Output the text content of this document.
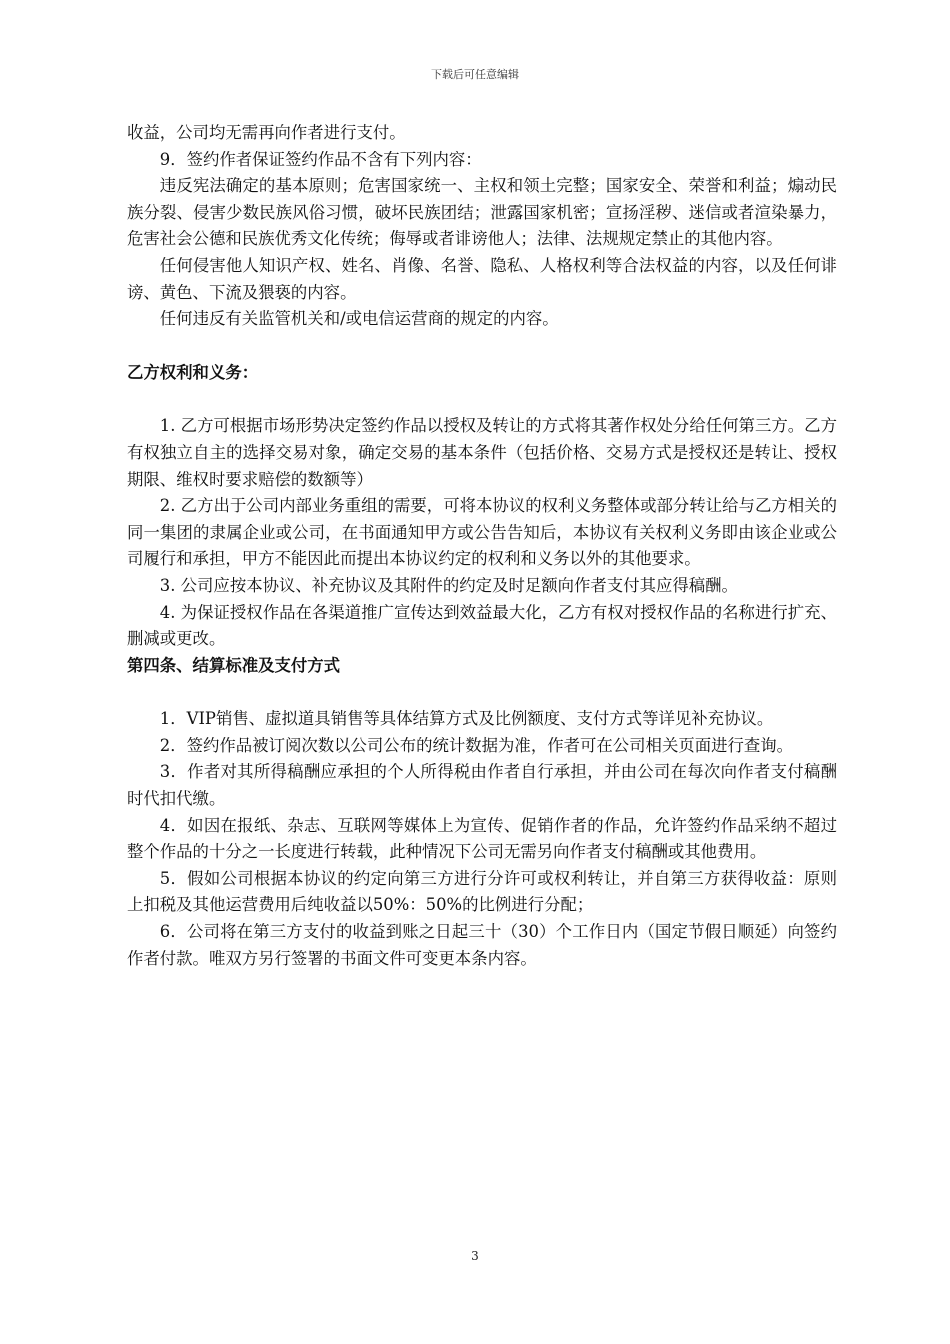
下载后可任意编辑

收益，公司均无需再向作者进行支付。

9．签约作者保证签约作品不含有下列内容：

违反宪法确定的基本原则；危害国家统一、主权和领土完整；国家安全、荣誉和利益；煽动民族分裂、侵害少数民族风俗习惯，破坏民族团结；泄露国家机密；宣扬淫秽、迷信或者渲染暴力，危害社会公德和民族优秀文化传统；侮辱或者诽谤他人；法律、法规规定禁止的其他内容。

任何侵害他人知识产权、姓名、肖像、名誉、隐私、人格权利等合法权益的内容，以及任何诽谤、黄色、下流及猥亵的内容。

任何违反有关监管机关和/或电信运营商的规定的内容。

乙方权利和义务：

1. 乙方可根据市场形势决定签约作品以授权及转让的方式将其著作权处分给任何第三方。乙方有权独立自主的选择交易对象，确定交易的基本条件（包括价格、交易方式是授权还是转让、授权期限、维权时要求赔偿的数额等）

2. 乙方出于公司内部业务重组的需要，可将本协议的权利义务整体或部分转让给与乙方相关的同一集团的隶属企业或公司，在书面通知甲方或公告告知后，本协议有关权利义务即由该企业或公司履行和承担，甲方不能因此而提出本协议约定的权利和义务以外的其他要求。

3. 公司应按本协议、补充协议及其附件的约定及时足额向作者支付其应得稿酬。

4. 为保证授权作品在各渠道推广宣传达到效益最大化，乙方有权对授权作品的名称进行扩充、删减或更改。

第四条、结算标准及支付方式

1．VIP销售、虚拟道具销售等具体结算方式及比例额度、支付方式等详见补充协议。

2．签约作品被订阅次数以公司公布的统计数据为准，作者可在公司相关页面进行查询。

3．作者对其所得稿酬应承担的个人所得税由作者自行承担，并由公司在每次向作者支付稿酬时代扣代缴。

4．如因在报纸、杂志、互联网等媒体上为宣传、促销作者的作品，允许签约作品采纳不超过整个作品的十分之一长度进行转载，此种情况下公司无需另向作者支付稿酬或其他费用。

5．假如公司根据本协议的约定向第三方进行分许可或权利转让，并自第三方获得收益：原则上扣税及其他运营费用后纯收益以50%：50%的比例进行分配；

6．公司将在第三方支付的收益到账之日起三十（30）个工作日内（国定节假日顺延）向签约作者付款。唯双方另行签署的书面文件可变更本条内容。

3
